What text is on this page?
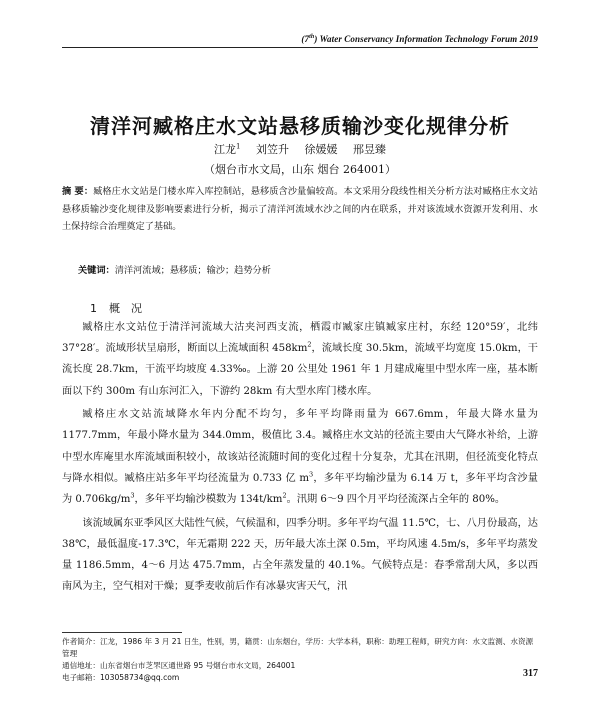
(7th) Water Conservancy Information Technology Forum 2019
清洋河臧格庄水文站悬移质输沙变化规律分析
江龙$^1$ 刘笠升 徐媛媛 邢昱臻
（烟台市水文局，山东 烟台 264001）
摘 要：臧格庄水文站是门楼水库入库控制站，悬移质含沙量偏较高。本文采用分段线性相关分析方法对臧格庄水文站悬移质输沙变化规律及影响要素进行分析，揭示了清洋河流域水沙之间的内在联系，并对该流域水资源开发利用、水土保持综合治理奠定了基础。
关键词：清洋河流域；悬移质；输沙；趋势分析
1 概　况

臧格庄水文站位于清洋河流域大沽夹河西支流，栖霞市臧家庄镇臧家庄村，东经 120°59′，北纬 37°28′。流域形状呈扇形，断面以上流域面积 $458km^2$，流域长度 30.5km，流域平均宽度 15.0km，干流长度 28.7km，干流平均坡度 4.33‰。上游 20 公里处 1961 年 1 月建成庵里中型水库一座，基本断面以下约 300m 有山东河汇入，下游约 28km 有大型水库门楼水库。

臧格庄水文站流域降水年内分配不均匀，多年平均降雨量为 667.6mm，年最大降水量为 1177.7mm，年最小降水量为 344.0mm，极值比 3.4。臧格庄水文站的径流主要由大气降水补给，上游中型水库庵里水库流域面积较小，故该站径流随时间的变化过程十分复杂，尤其在汛期，但径流变化特点与降水相似。臧格庄站多年平均径流量为 0.733 亿 $m^3$，多年平均输沙量为 6.14 万 t，多年平均含沙量为 $0.706kg/m^3$，多年平均输沙模数为 $134t/km^2$。汛期 6～9 四个月平均径流深占全年的 80%。

该流域属东亚季风区大陆性气候，气候温和，四季分明。多年平均气温 11.5℃，七、八月份最高，达 38℃，最低温度-17.3℃，年无霜期 222 天，历年最大冻土深 0.5m，平均风速 4.5m/s，多年平均蒸发量 1186.5mm，4～6 月达 475.7mm，占全年蒸发量的 40.1%。气候特点是：春季常刮大风，多以西南风为主，空气相对干燥；夏季麦收前后作有冰暴灾害天气，汛

作者简介：江龙，1986 年 3 月 21 日生，性别，男，籍贯：山东烟台，学历：大学本科，职称：助理工程师，研究方向：水文监测、水资源管理
通信地址：山东省烟台市芝罘区通世路 95 号烟台市水文局，264001
电子邮箱：103058734@qq.com	317
